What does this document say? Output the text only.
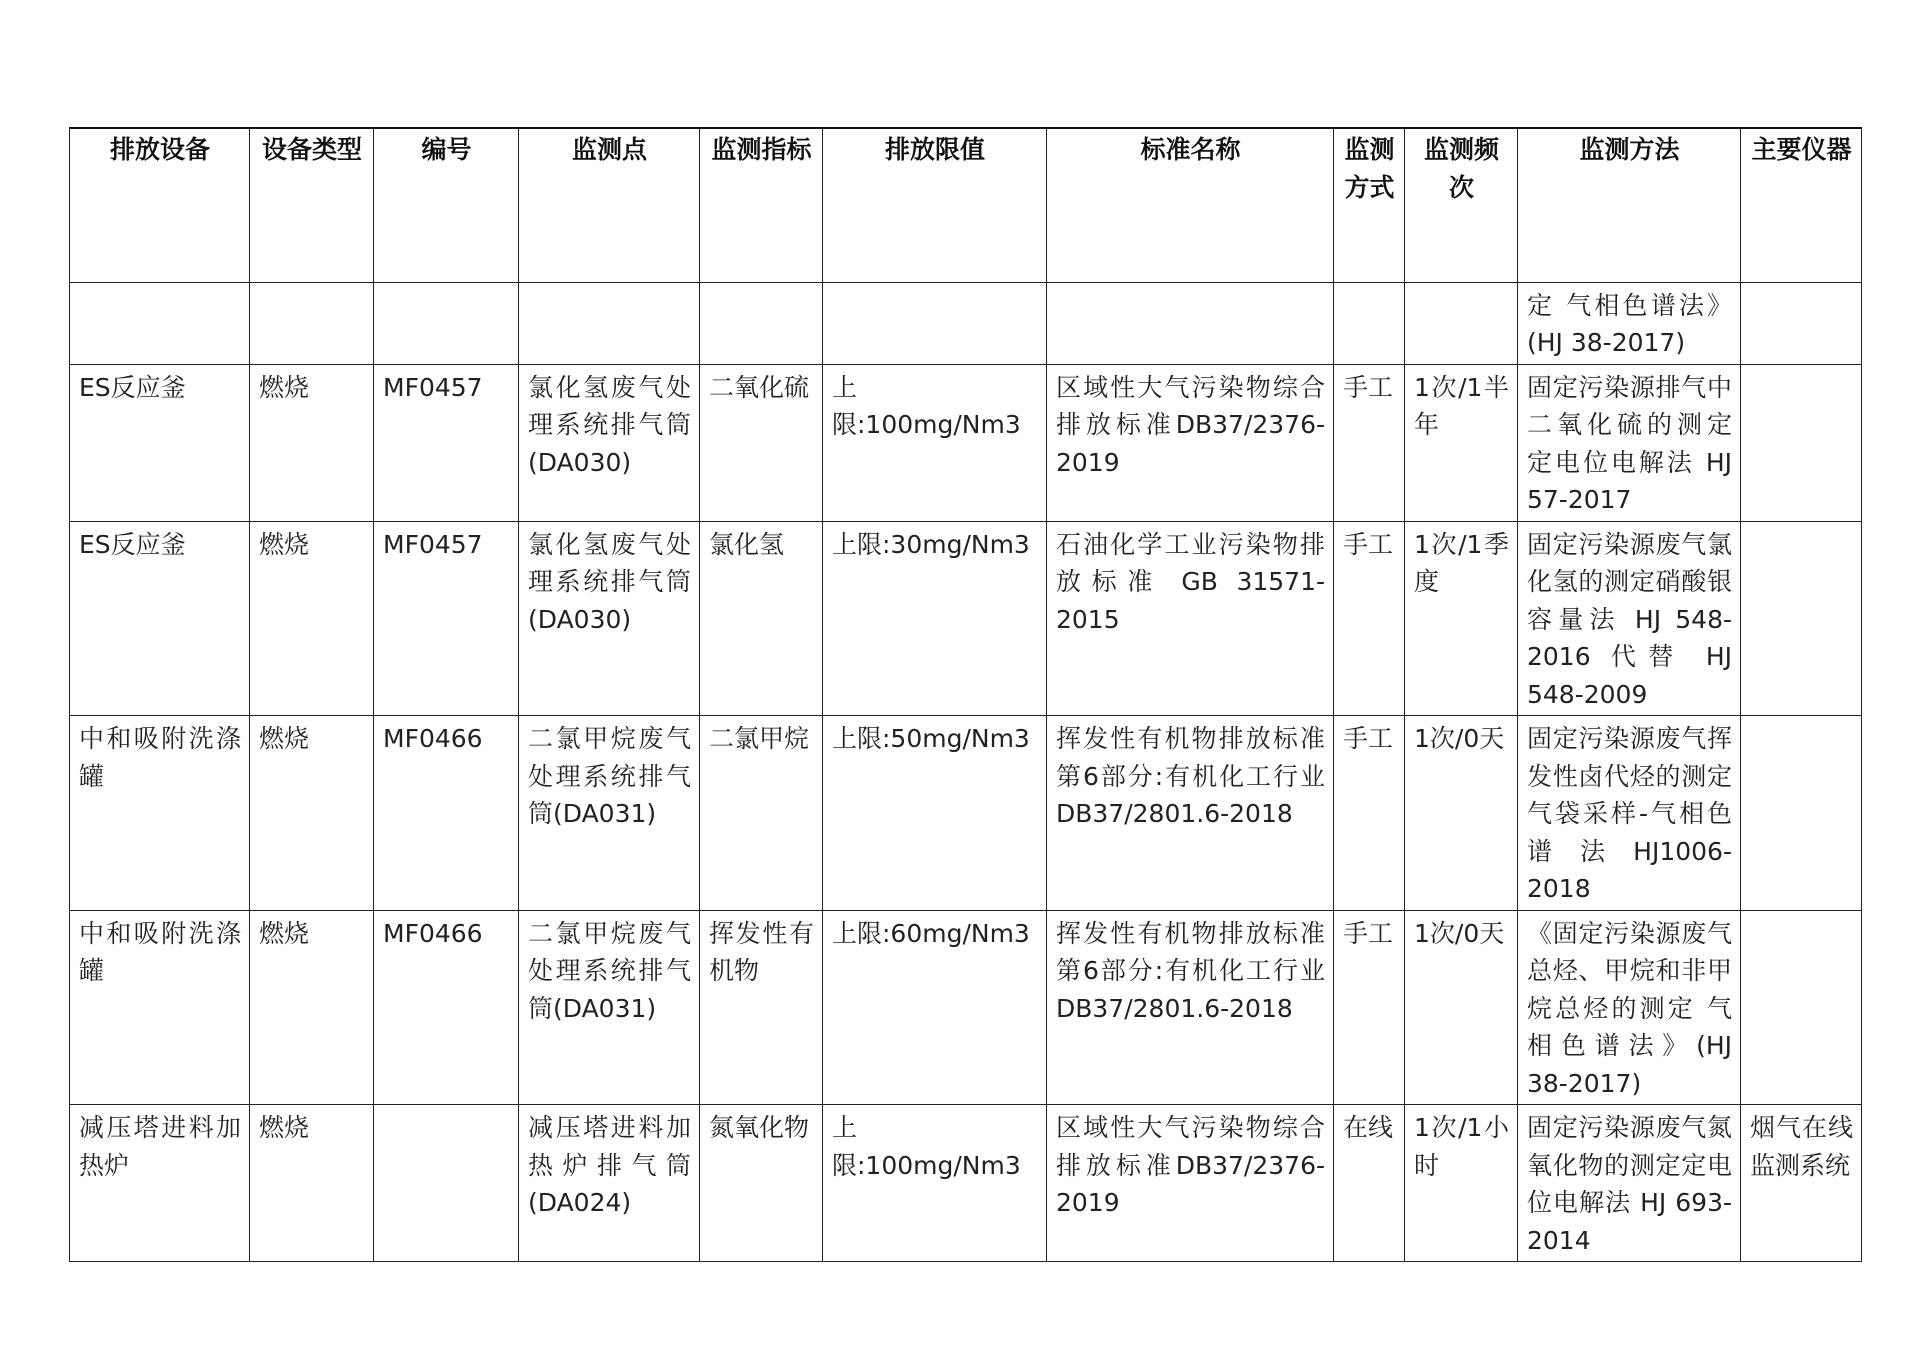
排放设备	设备类型	编号	监测点	监测指标	排放限值	标准名称	监测方式	监测频次	监测方法	主要仪器
									定 气相色谱法》(HJ 38-2017)	
ES反应釜	燃烧	MF0457	氯化氢废气处理系统排气筒(DA030)	二氧化硫	上限:100mg/Nm3	区域性大气污染物综合排放标准DB37/2376-2019	手工	1次/1半年	固定污染源排气中二氧化硫的测定 定电位电解法 HJ 57-2017	
ES反应釜	燃烧	MF0457	氯化氢废气处理系统排气筒(DA030)	氯化氢	上限:30mg/Nm3	石油化学工业污染物排放标准 GB 31571-2015	手工	1次/1季度	固定污染源废气氯化氢的测定硝酸银容量法 HJ 548-2016 代替 HJ 548-2009	
中和吸附洗涤罐	燃烧	MF0466	二氯甲烷废气处理系统排气筒(DA031)	二氯甲烷	上限:50mg/Nm3	挥发性有机物排放标准第6部分:有机化工行业DB37/2801.6-2018	手工	1次/0天	固定污染源废气挥发性卤代烃的测定气袋采样-气相色谱法HJ1006-2018	
中和吸附洗涤罐	燃烧	MF0466	二氯甲烷废气处理系统排气筒(DA031)	挥发性有机物	上限:60mg/Nm3	挥发性有机物排放标准第6部分:有机化工行业DB37/2801.6-2018	手工	1次/0天	《固定污染源废气 总烃、甲烷和非甲烷总烃的测定 气相色谱法》(HJ 38-2017)	
减压塔进料加热炉	燃烧		减压塔进料加热炉排气筒(DA024)	氮氧化物	上限:100mg/Nm3	区域性大气污染物综合排放标准DB37/2376-2019	在线	1次/1小时	固定污染源废气氮氧化物的测定定电位电解法 HJ 693-2014	烟气在线监测系统
